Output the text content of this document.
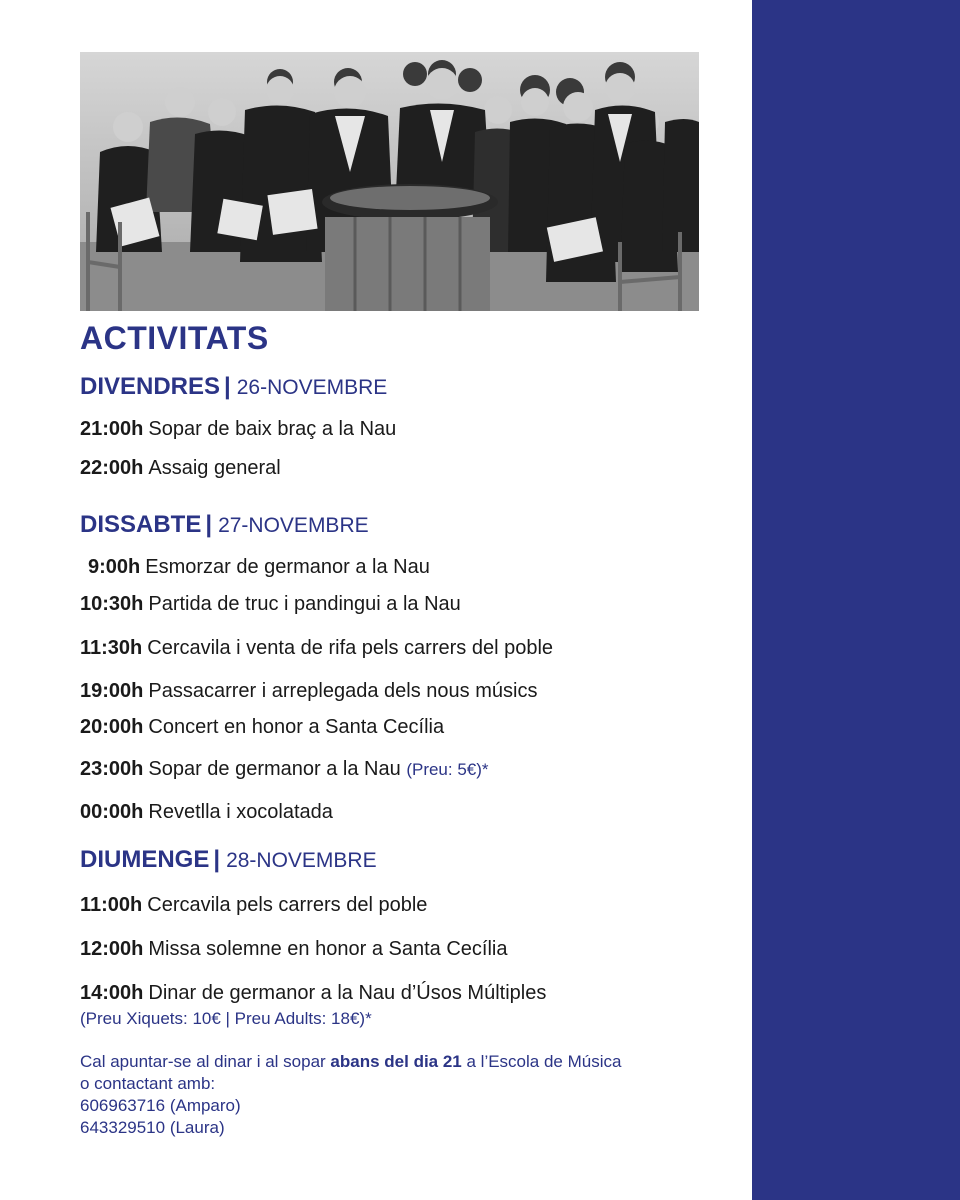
ACTIVITATS

DIVENDRES | 26-NOVEMBRE

21:00h Sopar de baix braç a la Nau

22:00h Assaig general

DISSABTE | 27-NOVEMBRE

9:00h Esmorzar de germanor a la Nau

10:30h Partida de truc i pandingui a la Nau

11:30h Cercavila i venta de rifa pels carrers del poble

19:00h Passacarrer i arreplegada dels nous músics

20:00h Concert en honor a Santa Cecília

23:00h Sopar de germanor a la Nau (Preu: 5€)*

00:00h Revetlla i xocolatada

DIUMENGE | 28-NOVEMBRE

11:00h Cercavila pels carrers del poble

12:00h Missa solemne en honor a Santa Cecília

14:00h Dinar de germanor a la Nau d’Úsos Múltiples

(Preu Xiquets: 10€ | Preu Adults: 18€)*

Cal apuntar-se al dinar i al sopar abans del dia 21 a l’Escola de Música

o contactant amb:

606963716 (Amparo)

643329510 (Laura)
